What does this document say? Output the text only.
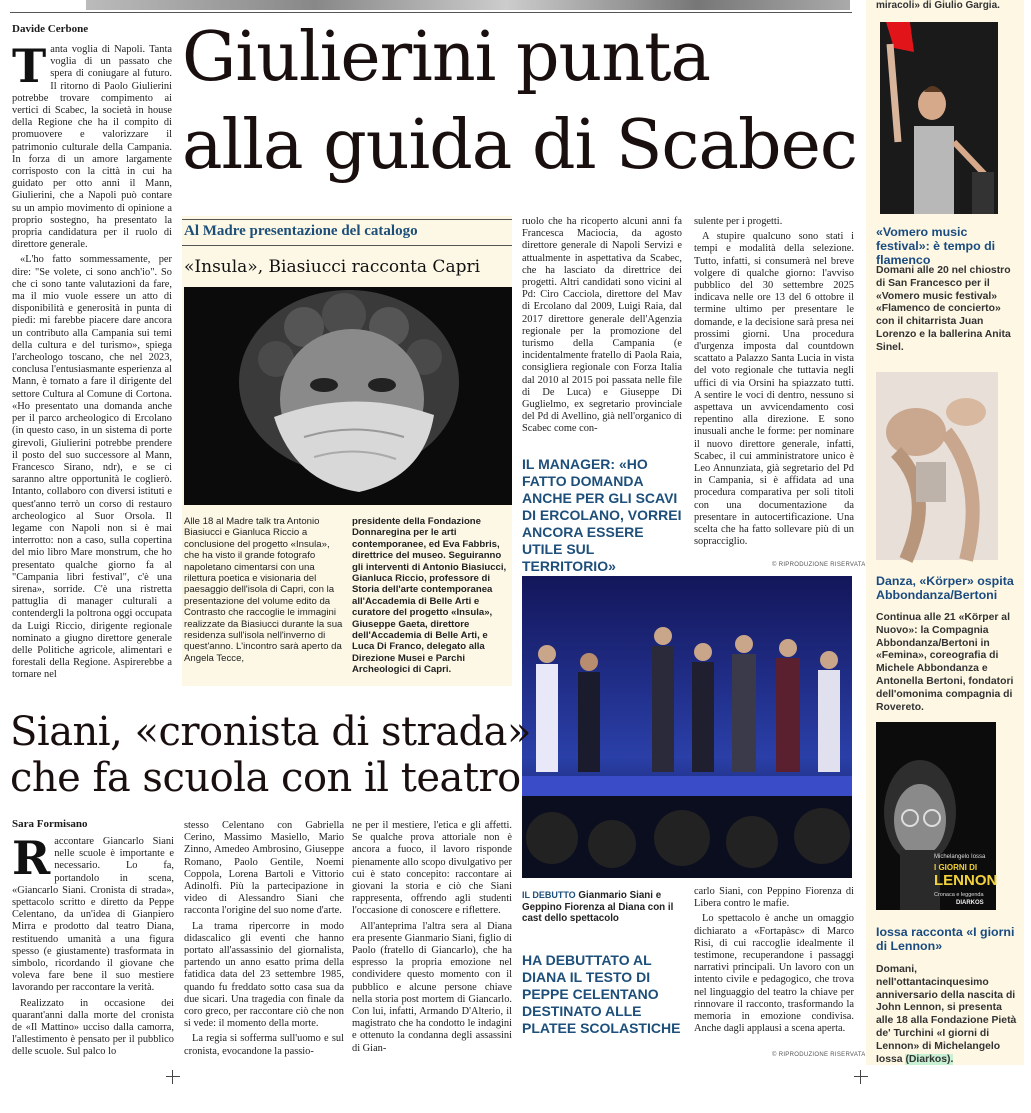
Davide Cerbone Giulierini punta
alla guida di Scabec
T anta voglia di Napoli. Tanta voglia di un passato che spera di coniugare al futuro. Il ritorno di Paolo Giulierini potrebbe trovare compimento ai vertici di Scabec, la società in house della Regione che ha il compito di promuovere e valorizzare il patrimonio culturale della Campania. In forza di un amore largamente corrisposto con la città in cui ha guidato per otto anni il Mann, Giulierini, che a Napoli può contare su un ampio movimento di opinione a proprio sostegno, ha presentato la propria candidatura per il ruolo di direttore generale.

«L'ho fatto sommessamente, per dire: "Se volete, ci sono anch'io". So che ci sono tante valutazioni da fare, ma il mio vuole essere un atto di disponibilità e generosità in punta di piedi: mi farebbe piacere dare ancora un contributo alla Campania sui temi della cultura e del turismo», spiega l'archeologo toscano, che nel 2023, conclusa l'entusiasmante esperienza al Mann, è tornato a fare il dirigente del settore Cultura al Comune di Cortona. «Ho presentato una domanda anche per il parco archeologico di Ercolano (in questo caso, in un sistema di porte girevoli, Giulierini potrebbe prendere il posto del suo successore al Mann, Francesco Sirano, ndr), e se ci saranno altre opportunità le coglierò. Intanto, collaboro con diversi istituti e quest'anno terrò un corso di restauro archeologico al Suor Orsola. Il legame con Napoli non si è mai interrotto: non a caso, sulla copertina del mio libro Mare monstrum, che ho presentato qualche giorno fa al "Campania libri festival", c'è una sirena», sorride. C'è una ristretta pattuglia di manager culturali a contendergli la poltrona oggi occupata da Luigi Riccio, dirigente regionale nominato a giugno direttore generale delle Politiche agricole, alimentari e forestali della Regione. Aspirerebbe a tornare nel

Al Madre presentazione del catalogo
«Insula», Biasiucci racconta Capri
Alle 18 al Madre talk tra Antonio Biasiucci e Gianluca Riccio a conclusione del progetto «Insula», che ha visto il grande fotografo napoletano cimentarsi con una rilettura poetica e visionaria del paesaggio dell'isola di Capri, con la presentazione del volume edito da Contrasto che raccoglie le immagini realizzate da Biasiucci durante la sua residenza sull'isola nell'inverno di quest'anno. L'incontro sarà aperto da Angela Tecce,
presidente della Fondazione Donnaregina per le arti contemporanee, ed Eva Fabbris, direttrice del museo. Seguiranno gli interventi di Antonio Biasiucci, Gianluca Riccio, professore di Storia dell'arte contemporanea all'Accademia di Belle Arti e curatore del progetto «Insula», Giuseppe Gaeta, direttore dell'Accademia di Belle Arti, e Luca Di Franco, delegato alla Direzione Musei e Parchi Archeologici di Capri.

ruolo che ha ricoperto alcuni anni fa Francesca Maciocia, da agosto direttore generale di Napoli Servizi e attualmente in aspettativa da Scabec, che ha lasciato da direttrice dei progetti. Altri candidati sono vicini al Pd: Ciro Cacciola, direttore del Mav di Ercolano dal 2009, Luigi Raia, dal 2017 direttore generale dell'Agenzia regionale per la promozione del turismo della Campania (e incidentalmente fratello di Paola Raia, consigliera regionale con Forza Italia dal 2010 al 2015 poi passata nelle file di De Luca) e Giuseppe Di Guglielmo, ex segretario provinciale del Pd di Avellino, già nell'organico di Scabec come con-

sulente per i progetti.

A stupire qualcuno sono stati i tempi e modalità della selezione. Tutto, infatti, si consumerà nel breve volgere di qualche giorno: l'avviso pubblico del 30 settembre 2025 indicava nelle ore 13 del 6 ottobre il termine ultimo per presentare le domande, e la decisione sarà presa nei prossimi giorni. Una procedura d'urgenza imposta dal countdown scattato a Palazzo Santa Lucia in vista del voto regionale che tuttavia negli uffici di via Orsini ha spiazzato tutti. A sentire le voci di dentro, nessuno si aspettava un avvicendamento così repentino alla direzione. E sono inusuali anche le forme: per nominare il nuovo direttore generale, infatti, Scabec, il cui amministratore unico è Leo Annunziata, già segretario del Pd in Campania, si è affidata ad una procedura comparativa per soli titoli con una documentazione da presentare in autocertificazione. Una scelta che ha fatto sollevare più di un sopracciglio.

IL MANAGER: «HO FATTO DOMANDA ANCHE PER GLI SCAVI DI ERCOLANO, VORREI ANCORA ESSERE UTILE SUL TERRITORIO»	© RIPRODUZIONE RISERVATA
IL DEBUTTO Gianmario Siani e Geppino Fiorenza al Diana con il cast dello spettacolo
HA DEBUTTATO AL DIANA IL TESTO DI PEPPE CELENTANO DESTINATO ALLE PLATEE SCOLASTICHE
Siani, «cronista di strada»
che fa scuola con il teatro
Sara Formisano
R accontare Giancarlo Siani nelle scuole è importante e necessario. Lo fa, portandolo in scena, «Giancarlo Siani. Cronista di strada», spettacolo scritto e diretto da Peppe Celentano, da un'idea di Gianpiero Mirra e prodotto dal teatro Diana, restituendo umanità a una figura spesso (e giustamente) trasformata in simbolo, ricordando il giovane che voleva fare bene il suo mestiere lavorando per raccontare la verità.

Realizzato in occasione dei quarant'anni dalla morte del cronista de «Il Mattino» ucciso dalla camorra, l'allestimento è pensato per il pubblico delle scuole. Sul palco lo

stesso Celentano con Gabriella Cerino, Massimo Masiello, Mario Zinno, Amedeo Ambrosino, Giuseppe Romano, Paolo Gentile, Noemi Coppola, Lorena Bartoli e Vittorio Adinolfi. Più la partecipazione in video di Alessandro Siani che racconta l'origine del suo nome d'arte.

La trama ripercorre in modo didascalico gli eventi che hanno portato all'assassinio del giornalista, partendo un anno esatto prima della fatidica data del 23 settembre 1985, quando fu freddato sotto casa sua da due sicari. Una tragedia con finale da coro greco, per raccontare ciò che non si vede: il momento della morte.

La regia si sofferma sull'uomo e sul cronista, evocandone la passio-

ne per il mestiere, l'etica e gli affetti. Se qualche prova attoriale non è ancora a fuoco, il lavoro risponde pienamente allo scopo divulgativo per cui è stato concepito: raccontare ai giovani la storia e ciò che Siani rappresenta, offrendo agli studenti l'occasione di conoscere e riflettere.

All'anteprima l'altra sera al Diana era presente Gianmario Siani, figlio di Paolo (fratello di Giancarlo), che ha espresso la propria emozione nel condividere questo momento con il pubblico e alcune persone chiave nella storia post mortem di Giancarlo. Con lui, infatti, Armando D'Alterio, il magistrato che ha condotto le indagini e ottenuto la condanna degli assassini di Gian-

carlo Siani, con Peppino Fiorenza di Libera contro le mafie.

Lo spettacolo è anche un omaggio dichiarato a «Fortapàsc» di Marco Risi, di cui raccoglie idealmente il testimone, recuperandone i passaggi narrativi principali. Un lavoro con un intento civile e pedagogico, che trova nel linguaggio del teatro la chiave per rinnovare il racconto, trasformando la memoria in emozione condivisa. Anche dagli applausi a scena aperta.

© RIPRODUZIONE RISERVATA
miracoli» di Giulio Gargia.
«Vomero music festival»: è tempo di flamenco
Domani alle 20 nel chiostro di San Francesco per il «Vomero music festival» «Flamenco de concierto» con il chitarrista Juan Lorenzo e la ballerina Anita Sinel.
Danza, «Körper» ospita Abbondanza/Bertoni
Continua alle 21 «Körper al Nuovo»: la Compagnia Abbondanza/Bertoni in «Femina», coreografia di Michele Abbondanza e Antonella Bertoni, fondatori dell'omonima compagnia di Rovereto.
Michelangelo Iossa
I GIORNI DI
LENNON
Cronaca e leggenda
DIARKOS
Iossa racconta «I giorni di Lennon»
Domani, nell'ottantacinquesimo anniversario della nascita di John Lennon, si presenta alle 18 alla Fondazione Pietà de' Turchini «I giorni di Lennon» di Michelangelo Iossa (Diarkos).
